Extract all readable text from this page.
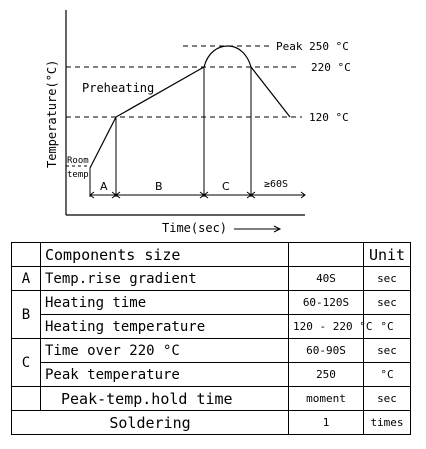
Temperature(°C)
A	B	C	≥60S
Room
temp
Preheating
Peak 250 °C
220 °C
120 °C
Time(sec)
	Components size		Unit
A	Temp.rise gradient	40S	sec
B	Heating time	60-120S	sec
	Heating temperature	120 - 220 °C	°C
C	Time over 220 °C	60-90S	sec
	Peak temperature	250	°C
	Peak-temp.hold time	moment	sec
Soldering		1	times
